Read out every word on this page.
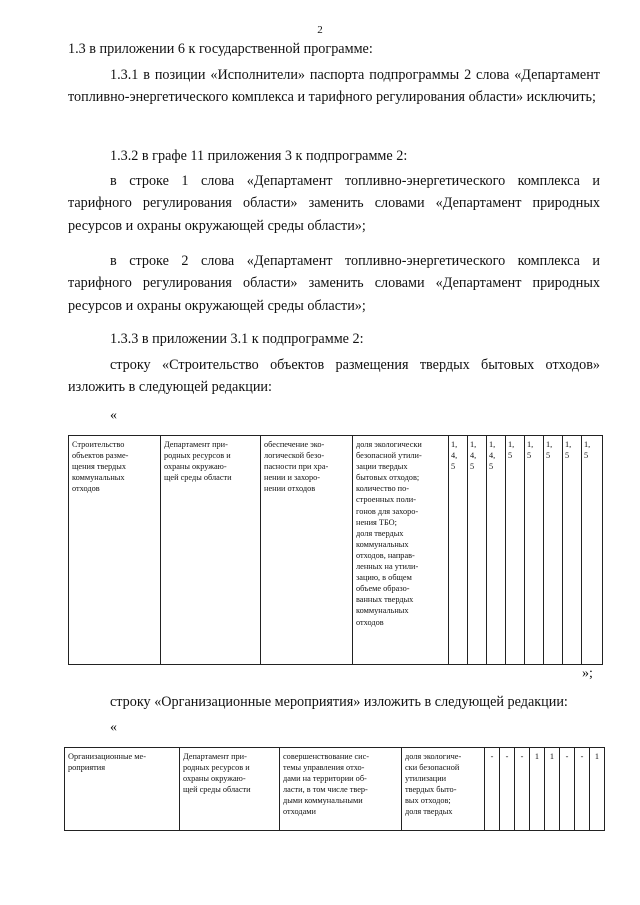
2
1.3 в приложении 6 к государственной программе:
1.3.1 в позиции «Исполнители» паспорта подпрограммы 2 слова «Департамент топливно-энергетического комплекса и тарифного регулирования области» исключить;
1.3.2 в графе 11 приложения 3 к подпрограмме 2:
в строке 1 слова «Департамент топливно-энергетического комплекса и тарифного регулирования области» заменить словами «Департамент природных ресурсов и охраны окружающей среды области»;
в строке 2 слова «Департамент топливно-энергетического комплекса и тарифного регулирования области» заменить словами «Департамент природных ресурсов и охраны окружающей среды области»;
1.3.3 в приложении 3.1 к подпрограмме 2:
строку «Строительство объектов размещения твердых бытовых отходов» изложить в следующей редакции:
«
Строительство
объектов разме-
щения твердых
коммунальных
отходов	Департамент при-
родных ресурсов и
охраны окружаю-
щей среды области	обеспечение эко-
логической безо-
пасности при хра-
нении и захоро-
нении отходов	доля экологически
безопасной утили-
зации твердых
бытовых отходов;
количество по-
строенных поли-
гонов для захоро-
нения ТБО;
доля твердых
коммунальных
отходов, направ-
ленных на утили-
зацию, в общем
объеме образо-
ванных твердых
коммунальных
отходов	1,
4,
5	1,
4,
5	1,
4,
5	1,
5	1,
5	1,
5	1,
5	1,
5
»;
строку «Организационные мероприятия» изложить в следующей редакции:
«
Организационные ме-
роприятия	Департамент при-
родных ресурсов и
охраны окружаю-
щей среды области	совершенствование сис-
темы управления отхо-
дами на территории об-
ласти, в том числе твер-
дыми коммунальными
отходами	доля экологиче-
ски безопасной
утилизации
твердых быто-
вых отходов;
доля твердых	-	-	-	1	1	-	-	1
